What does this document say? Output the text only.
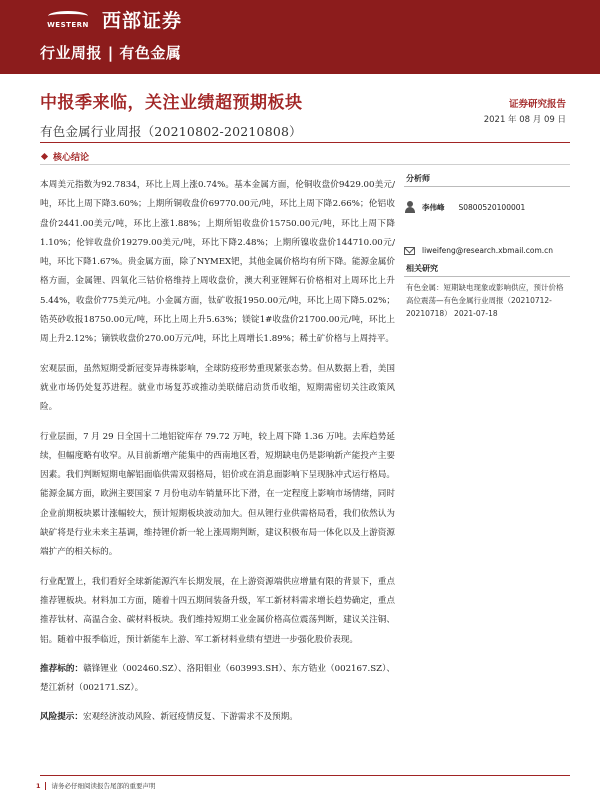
WESTERN 西部证券
行业周报 | 有色金属
中报季来临，关注业绩超预期板块	证券研究报告
2021 年 08 月 09 日
有色金属行业周报（20210802-20210808）
核心结论

本周美元指数为92.7834，环比上周上涨0.74%。基本金属方面，伦铜收盘价9429.00美元/吨，环比上周下降3.60%；上期所铜收盘价69770.00元/吨，环比上周下降2.66%；伦铝收盘价2441.00美元/吨，环比上涨1.88%；上期所铝收盘价15750.00元/吨，环比上周下降1.10%；伦锌收盘价19279.00美元/吨，环比下降2.48%；上期所镍收盘价144710.00元/吨，环比下降1.67%。贵金属方面，除了NYMEX钯，其他金属价格均有所下降。能源金属价格方面，金属锂、四氧化三钴价格维持上周收盘价，澳大利亚锂辉石价格相对上周环比上升5.44%，收盘价775美元/吨。小金属方面，钛矿收报1950.00元/吨，环比上周下降5.02%；锆英砂收报18750.00元/吨，环比上周上升5.63%；镁锭1#收盘价21700.00元/吨，环比上周上升2.12%；镝铁收盘价270.00万元/吨，环比上周增长1.89%；稀土矿价格与上周持平。

宏观层面，虽然短期受新冠变异毒株影响，全球防疫形势重现紧张态势。但从数据上看，美国就业市场仍处复苏进程。就业市场复苏或推动美联储启动货币收缩，短期需密切关注政策风险。

行业层面，7 月 29 日全国十二地铝锭库存 79.72 万吨，较上周下降 1.36 万吨。去库趋势延续，但幅度略有收窄。从目前新增产能集中的西南地区看，短期缺电仍是影响新产能投产主要因素。我们判断短期电解铝面临供需双弱格局，铝价或在消息面影响下呈现脉冲式运行格局。能源金属方面，欧洲主要国家 7 月份电动车销量环比下滑，在一定程度上影响市场情绪，同时企业前期板块累计涨幅较大，预计短期板块波动加大。但从锂行业供需格局看，我们依然认为缺矿将是行业未来主基调，维持锂价新一轮上涨周期判断，建议积极布局一体化以及上游资源端扩产的相关标的。

行业配置上，我们看好全球新能源汽车长期发展，在上游资源端供应增量有限的背景下，重点推荐锂板块。材料加工方面，随着十四五期间装备升级，军工新材料需求增长趋势确定，重点推荐钛材、高温合金、碳材料板块。我们维持短期工业金属价格高位震荡判断，建议关注铜、铝。随着中报季临近，预计新能车上游、军工新材料业绩有望进一步强化股价表现。

推荐标的：赣锋锂业（002460.SZ）、洛阳钼业（603993.SH）、东方锆业（002167.SZ）、楚江新材（002171.SZ）。

风险提示：宏观经济波动风险、新冠疫情反复、下游需求不及预期。

分析师
李伟峰 S0800520100001
liweifeng@research.xbmail.com.cn
相关研究
有色金属：短期缺电现象或影响供应，预计价格高位震荡—有色金属行业周报（20210712-20210718） 2021-07-18
1 请务必仔细阅读报告尾部的重要声明
